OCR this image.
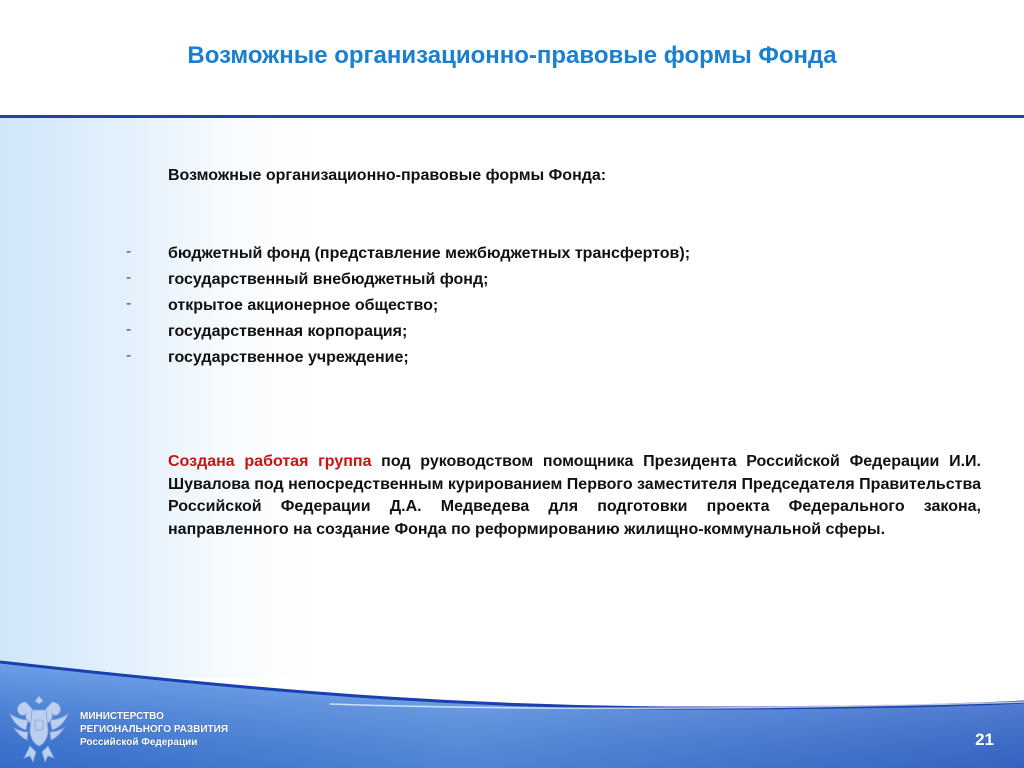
Возможные организационно-правовые формы Фонда

Возможные организационно-правовые формы Фонда:

- бюджетный фонд (представление межбюджетных трансфертов);
- государственный внебюджетный фонд;
- открытое акционерное общество;
- государственная корпорация;
- государственное учреждение;

Создана работая группа под руководством помощника Президента Российской Федерации И.И. Шувалова под непосредственным курированием Первого заместителя Председателя Правительства Российской Федерации Д.А. Медведева для подготовки проекта Федерального закона, направленного на создание Фонда по реформированию жилищно-коммунальной сферы.

МИНИСТЕРСТВО
РЕГИОНАЛЬНОГО РАЗВИТИЯ
Российской Федерации	21
